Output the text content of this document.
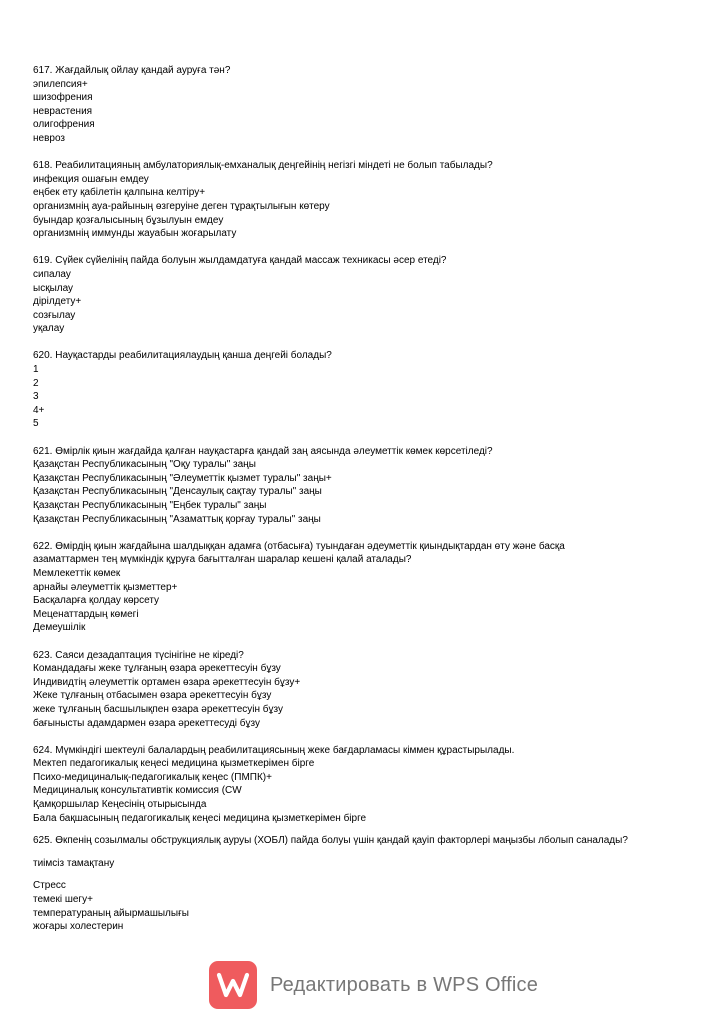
617. Жағдайлық ойлау қандай ауруға тән?
эпилепсия+
шизофрения
неврастения
олигофрения
невроз
618. Реабилитацияның амбулаториялық-емханалық деңгейінің негізгі міндеті не болып табылады?
инфекция ошағын емдеу
еңбек ету қабілетін қалпына келтіру+
организмнің ауа-райының өзгеруіне деген тұрақтылығын көтеру
буындар қозғалысының бұзылуын емдеу
организмнің иммунды жауабын жоғарылату
619. Сүйек сүйелінің пайда болуын жылдамдатуға қандай массаж техникасы әсер етеді?
сипалау
ысқылау
дірілдету+
созғылау
уқалау
620. Науқастарды реабилитациялаудың қанша деңгейі болады?
1
2
3
4+
5
621. Өмірлік қиын жағдайда қалған науқастарға қандай заң аясында әлеуметтік көмек көрсетіледі?
Қазақстан Республикасының "Оқу туралы" заңы
Қазақстан Республикасының "Әлеуметтік қызмет туралы" заңы+
Қазақстан Республикасының "Денсаулық сақтау туралы" заңы
Қазақстан Республикасының "Еңбек туралы" заңы
Қазақстан Республикасының "Азаматтық қорғау туралы" заңы
622. Өмірдің қиын жағдайына шалдыққан адамға (отбасыға) туындаған әдеуметтік қиындықтардан өту және басқа
азаматтармен тең мүмкіндік құруға бағытталған шаралар кешені қалай аталады?
Мемлекеттік көмек
арнайы әлеуметтік қызметтер+
Басқаларға қолдау көрсету
Меценаттардың көмегі
Демеушілік
623. Саяси дезадаптация түсінігіне не кіреді?
Командадағы жеке тұлғаның өзара әрекеттесуін бұзу
Индивидтің әлеуметтік ортамен өзара әрекеттесуін бұзу+
Жеке тұлғаның отбасымен өзара әрекеттесуін бұзу
жеке тұлғаның басшылықпен өзара әрекеттесуін бұзу
бағынысты адамдармен өзара әрекеттесуді бұзу
624. Мүмкіндігі шектеулі балалардың реабилитациясының жеке бағдарламасы кіммен құрастырылады.
Мектеп педагогикалық кеңесі медицина қызметкерімен бірге
Психо-медициналық-педагогикалық кеңес (ПМПК)+
Медициналық консультативтік комиссия (CW
Қамқоршылар Кеңесінің отырысында
Бала бақшасының педагогикалық кеңесі медицина қызметкерімен бірге
625. Өкпенің созылмалы обструкциялық ауруы (ХОБЛ) пайда болуы үшін қандай қауіп факторлері маңызбы лболып саналады?
тиімсіз тамақтану
Стресс
темекі шегу+
температураның айырмашылығы
жоғары холестерин
Редактировать в WPS Office
